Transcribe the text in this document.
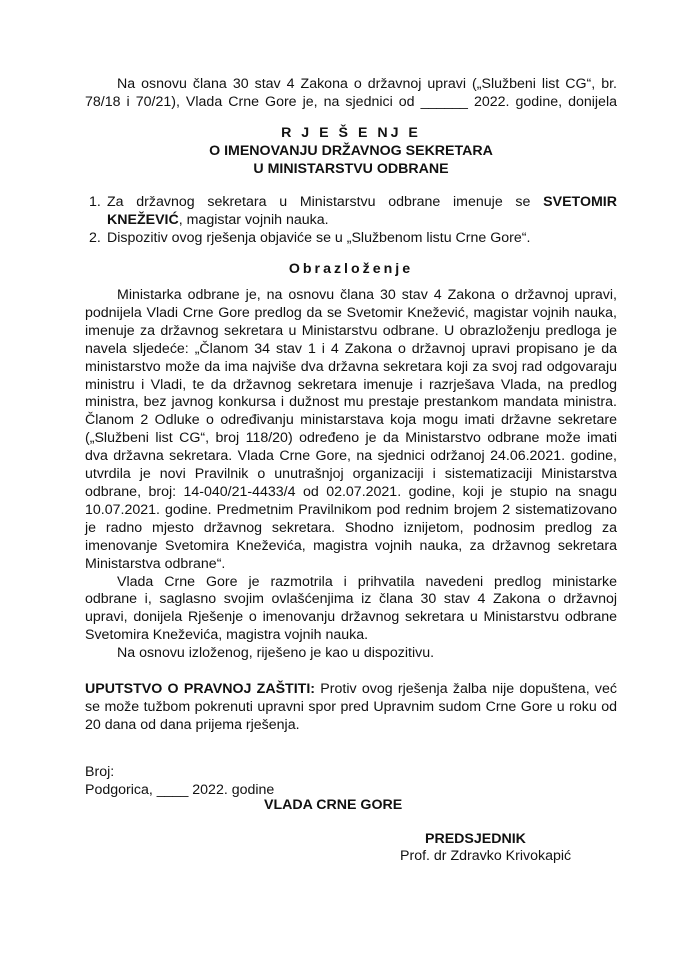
Na osnovu člana 30 stav 4 Zakona o državnoj upravi („Službeni list CG“, br.
78/18 i 70/21), Vlada Crne Gore je, na sjednici od ______ 2022. godine, donijela
R J E Š E NJ E
O IMENOVANJU DRŽAVNOG SEKRETARA
U MINISTARSTVU ODBRANE
1. Za državnog sekretara u Ministarstvu odbrane imenuje se SVETOMIR
KNEŽEVIĆ, magistar vojnih nauka.
2. Dispozitiv ovog rješenja objaviće se u „Službenom listu Crne Gore“.
Obrazloženje
Ministarka odbrane je, na osnovu člana 30 stav 4 Zakona o državnoj upravi,
podnijela Vladi Crne Gore predlog da se Svetomir Knežević, magistar vojnih nauka,
imenuje za državnog sekretara u Ministarstvu odbrane. U obrazloženju predloga je
navela sljedeće: „Članom 34 stav 1 i 4 Zakona o državnoj upravi propisano je da
ministarstvo može da ima najviše dva državna sekretara koji za svoj rad odgovaraju
ministru i Vladi, te da državnog sekretara imenuje i razrješava Vlada, na predlog
ministra, bez javnog konkursa i dužnost mu prestaje prestankom mandata ministra.
Članom 2 Odluke o određivanju ministarstava koja mogu imati državne sekretare
(„Službeni list CG“, broj 118/20) određeno je da Ministarstvo odbrane može imati
dva državna sekretara. Vlada Crne Gore, na sjednici održanoj 24.06.2021. godine,
utvrdila je novi Pravilnik o unutrašnjoj organizaciji i sistematizaciji Ministarstva
odbrane, broj: 14-040/21-4433/4 od 02.07.2021. godine, koji je stupio na snagu
10.07.2021. godine. Predmetnim Pravilnikom pod rednim brojem 2 sistematizovano
je radno mjesto državnog sekretara. Shodno iznijetom, podnosim predlog za
imenovanje Svetomira Kneževića, magistra vojnih nauka, za državnog sekretara
Ministarstva odbrane“.
Vlada Crne Gore je razmotrila i prihvatila navedeni predlog ministarke
odbrane i, saglasno svojim ovlašćenjima iz člana 30 stav 4 Zakona o državnoj
upravi, donijela Rješenje o imenovanju državnog sekretara u Ministarstvu odbrane
Svetomira Kneževića, magistra vojnih nauka.
Na osnovu izloženog, riješeno je kao u dispozitivu.
UPUTSTVO O PRAVNOJ ZAŠTITI: Protiv ovog rješenja žalba nije dopuštena, već
se može tužbom pokrenuti upravni spor pred Upravnim sudom Crne Gore u roku od
20 dana od dana prijema rješenja.
Broj:
Podgorica, ____ 2022. godine
VLADA CRNE GORE
PREDSJEDNIK
Prof. dr Zdravko Krivokapić
